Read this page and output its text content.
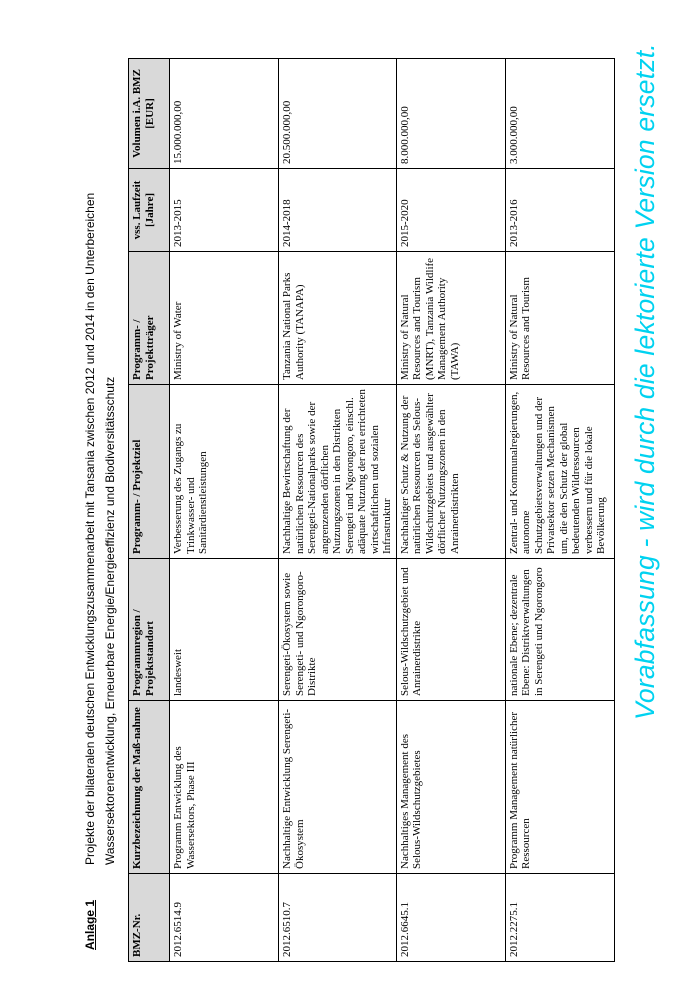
Anlage 1
Projekte der bilateralen deutschen Entwicklungszusammenarbeit mit Tansania zwischen 2012 und 2014 in den Unterbereichen Wassersektorenentwicklung, Erneuerbare Energie/Energieeffizienz und Biodiversitätsschutz
BMZ-Nr.	Kurzbezeichnung der Maß-nahme	Programmregion / Projektstandort	Programm- / Projektziel	Programm- / Projektträger	vss. Laufzeit [Jahre]	Volumen i.A. BMZ [EUR]
2012.6514.9	Programm Entwicklung des Wassersektors, Phase III	landesweit	Verbesserung des Zugangs zu Trinkwasser- und Sanitärdienstleistungen	Ministry of Water	2013-2015	15.000.000,00
2012.6510.7	Nachhaltige Entwicklung Serengeti-Ökosystem	Serengeti-Ökosystem sowie Serengeti- und Ngorongoro-Distrikte	Nachhaltige Bewirtschaftung der natürlichen Ressourcen des Serengeti-Nationalparks sowie der angrenzenden dörflichen Nutzungszonen in den Distrikten Serengeti und Ngorongoro, einschl. adäquate Nutzung der neu errichteten wirtschaftlichen und sozialen Infrastruktur	Tanzania National Parks Authority (TANAPA)	2014-2018	20.500.000,00
2012.6645.1	Nachhaltiges Management des Selous-Wildschutzgebietes	Selous-Wildschutzgebiet und Anrainerdistrikte	Nachhaltiger Schutz & Nutzung der natürlichen Ressourcen des Selous-Wildschutzgebiets und ausgewählter dörflicher Nutzungszonen in den Anrainerdistrikten	Ministry of Natural Resources and Tourism (MNRT), Tanzania Wildlife Management Authority (TAWA)	2015-2020	8.000.000,00
2012.2275.1	Programm Management natürlicher Ressourcen	nationale Ebene; dezentrale Ebene: Distriktverwaltungen in Serengeti und Ngorongoro	Zentral- und Kommunalregierungen, autonome Schutzgebietsverwaltungen und der Privatsektor setzen Mechanismen um, die den Schutz der global bedeutenden Wildressourcen verbessern und für die lokale Bevölkerung	Ministry of Natural Resources and Tourism	2013-2016	3.000.000,00	Vorabfassung - wird durch die lektorierte Version ersetzt.
